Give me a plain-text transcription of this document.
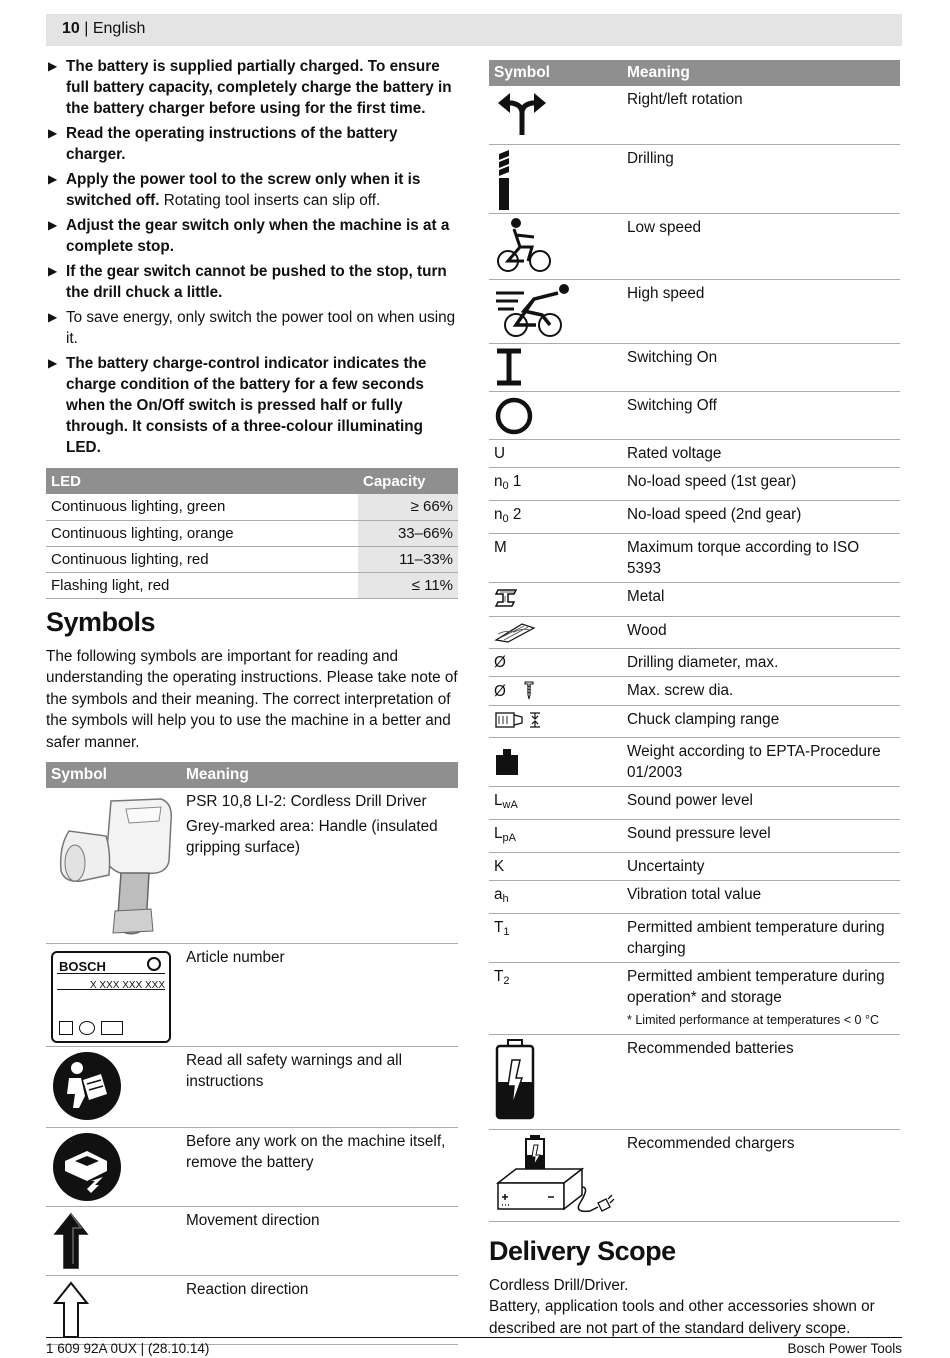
10 | English
▶ The battery is supplied partially charged. To ensure full battery capacity, completely charge the battery in the battery charger before using for the first time.
▶ Read the operating instructions of the battery charger.
▶ Apply the power tool to the screw only when it is switched off. Rotating tool inserts can slip off.
▶ Adjust the gear switch only when the machine is at a complete stop.
▶ If the gear switch cannot be pushed to the stop, turn the drill chuck a little.
▶ To save energy, only switch the power tool on when using it.
▶ The battery charge-control indicator indicates the charge condition of the battery for a few seconds when the On/Off switch is pressed half or fully through. It consists of a three-colour illuminating LED.
LED	Capacity
Continuous lighting, green	≥ 66%
Continuous lighting, orange	33–66%
Continuous lighting, red	11–33%
Flashing light, red	≤ 11%
Symbols

The following symbols are important for reading and understanding the operating instructions. Please take note of the symbols and their meaning. The correct interpretation of the symbols will help you to use the machine in a better and safer manner.

Symbol	Meaning

PSR 10,8 LI-2: Cordless Drill Driver
Grey-marked area: Handle (insulated gripping surface)

BOSCH
X XXX XXX XXX	Article number

	Read all safety warnings and all instructions

	Before any work on the machine itself, remove the battery

	Movement direction

	Reaction direction
Symbol	Meaning

	Right/left rotation

	Drilling

	Low speed

	High speed

	Switching On

	Switching Off
U	Rated voltage
$n_0$ 1	No-load speed (1st gear)
$n_0$ 2	No-load speed (2nd gear)
M	Maximum torque according to ISO 5393

	Metal

	Wood
Ø	Drilling diameter, max.
Ø	Max. screw dia.

	Chuck clamping range

	Weight according to EPTA-Procedure 01/2003
$L_{wA}$	Sound power level
$L_{pA}$	Sound pressure level
K	Uncertainty
$a_h$	Vibration total value
$T_1$	Permitted ambient temperature during charging
$T_2$	Permitted ambient temperature during operation* and storage
* Limited performance at temperatures < 0 °C

	Recommended batteries

	Recommended chargers
Delivery Scope

Cordless Drill/Driver.

Battery, application tools and other accessories shown or described are not part of the standard delivery scope.

1 609 92A 0UX | (28.10.14)	Bosch Power Tools
